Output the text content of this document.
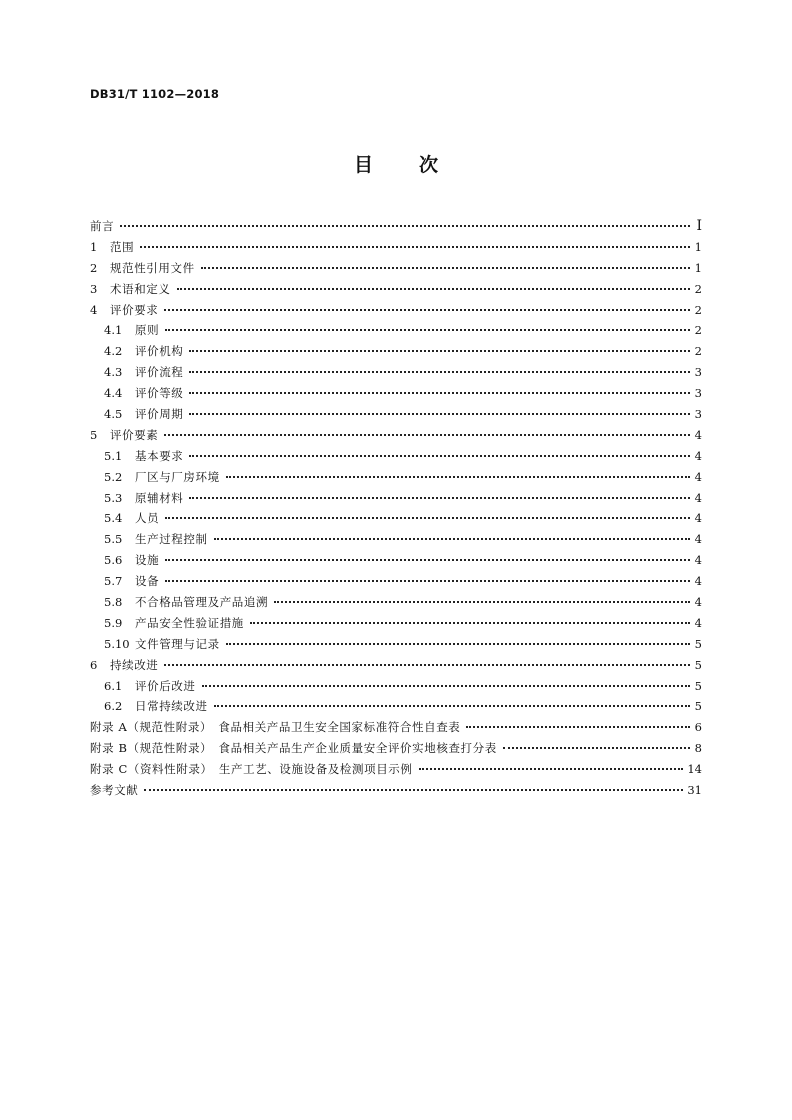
DB31/T 1102—2018
目 次
前言	I
1	范围	1
2	规范性引用文件	1
3	术语和定义	2
4	评价要求	2
4.1	原则	2
4.2	评价机构	2
4.3	评价流程	3
4.4	评价等级	3
4.5	评价周期	3
5	评价要素	4
5.1	基本要求	4
5.2	厂区与厂房环境	4
5.3	原辅材料	4
5.4	人员	4
5.5	生产过程控制	4
5.6	设施	4
5.7	设备	4
5.8	不合格品管理及产品追溯	4
5.9	产品安全性验证措施	4
5.10 文件管理与记录	5
6	持续改进	5
6.1	评价后改进	5
6.2	日常持续改进	5
附录 A（规范性附录）　食品相关产品卫生安全国家标准符合性自查表	6
附录 B（规范性附录）　食品相关产品生产企业质量安全评价实地核查打分表	8
附录 C（资料性附录）　生产工艺、设施设备及检测项目示例	14
参考文献	31
